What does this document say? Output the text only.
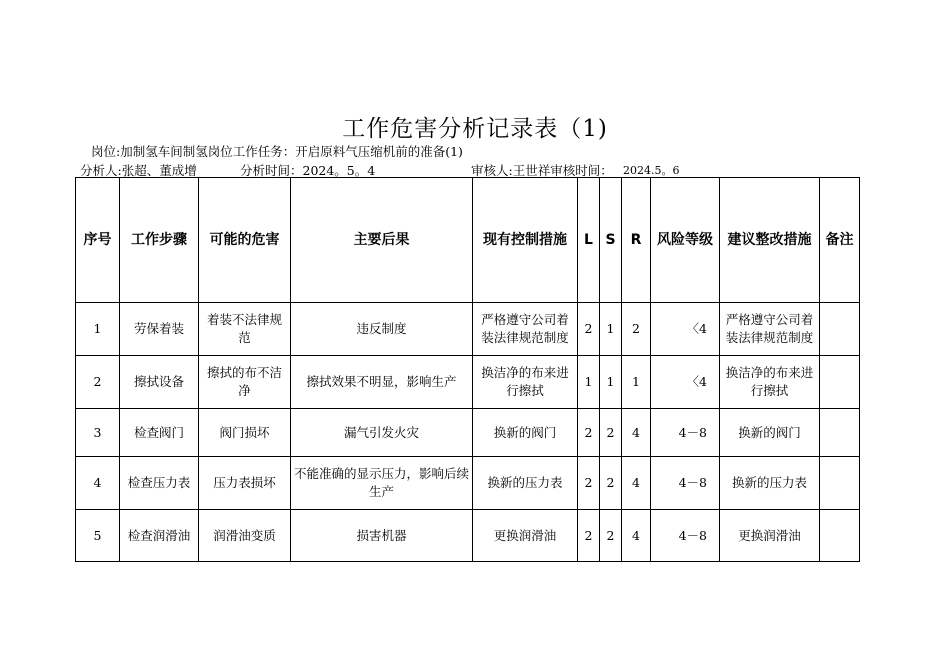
工作危害分析记录表（1)
岗位:加制氢车间制氢岗位工作任务：开启原料气压缩机前的准备(1)
分析人:张超、董成增	分析时间：2024。5。4	审核人:王世祥审核时间： 2024.5。6
序号	工作步骤	可能的危害	主要后果	现有控制措施	L	S	R	风险等级	建议整改措施	备注
1	劳保着装	着装不法律规范	违反制度	严格遵守公司着装法律规范制度	2	1	2	〈4	严格遵守公司着装法律规范制度	
2	擦拭设备	擦拭的布不洁净	擦拭效果不明显，影响生产	换洁净的布来进行擦拭	1	1	1	〈4	换洁净的布来进行擦拭	
3	检查阀门	阀门损坏	漏气引发火灾	换新的阀门	2	2	4	4－8	换新的阀门	
4	检查压力表	压力表损坏	不能准确的显示压力，影响后续生产	换新的压力表	2	2	4	4－8	换新的压力表	
5	检查润滑油	润滑油变质	损害机器	更换润滑油	2	2	4	4－8	更换润滑油	
